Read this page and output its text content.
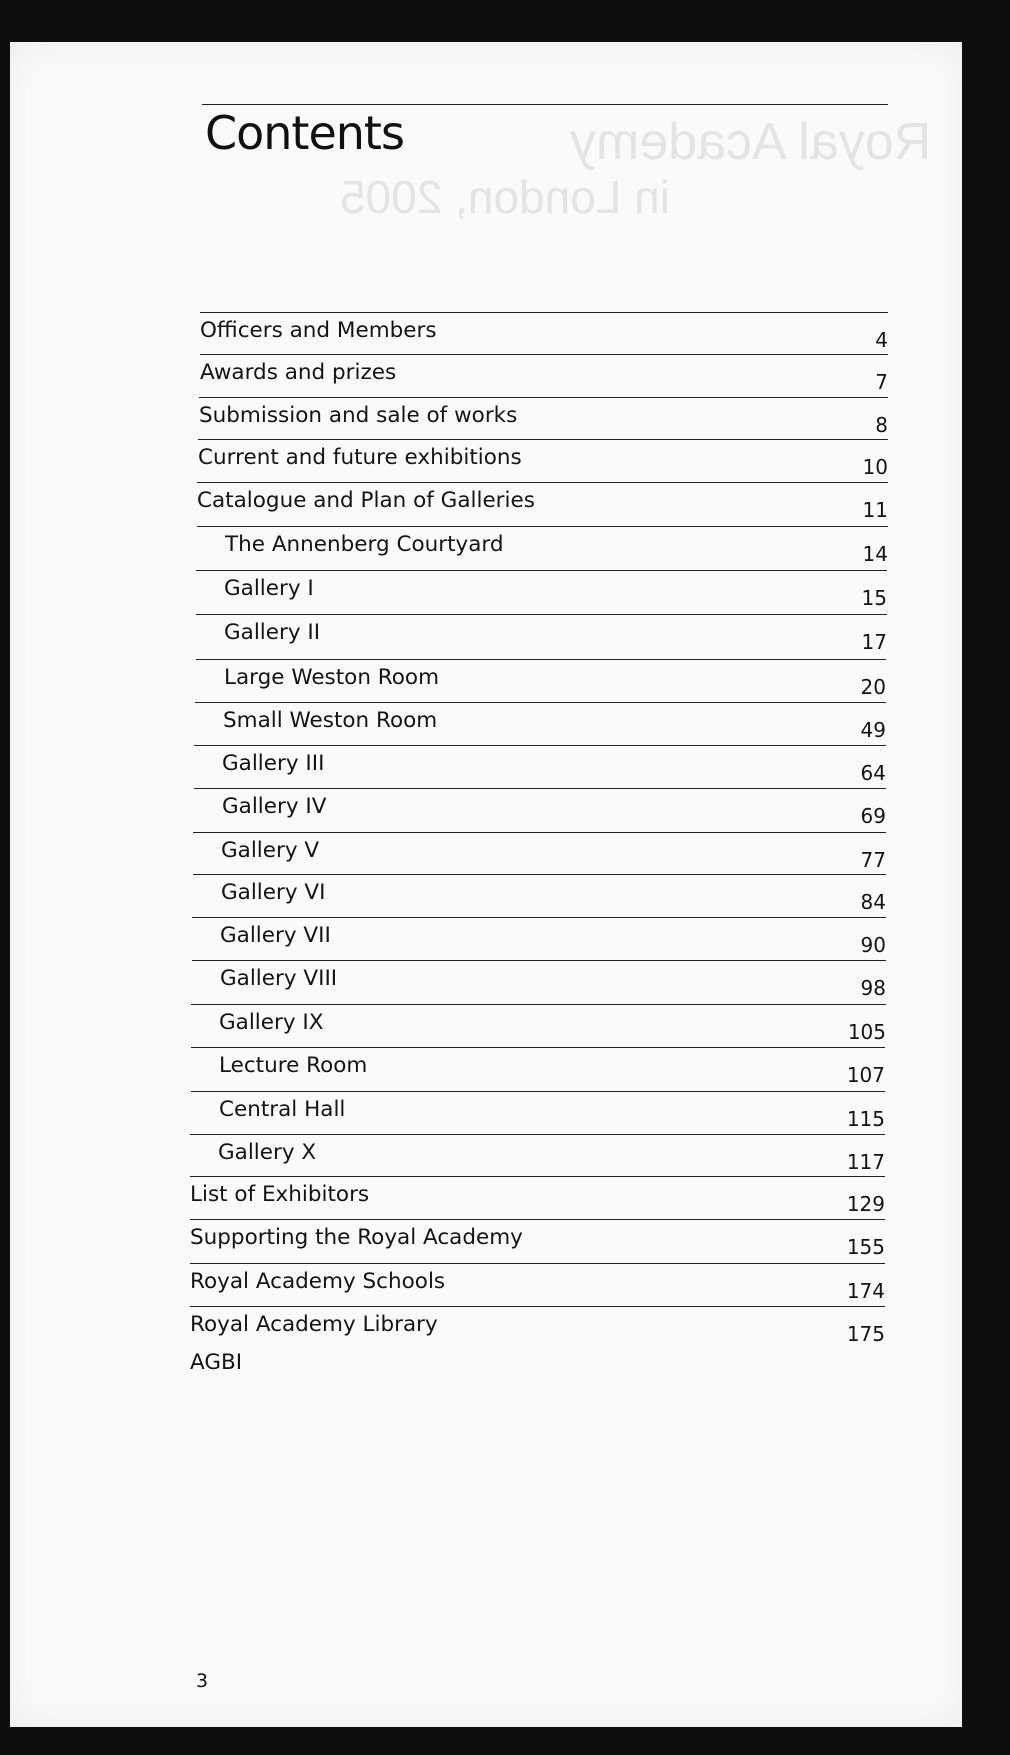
Royal Academy
in London, 2005
Contents
Officers and Members	4
Awards and prizes	7
Submission and sale of works	8
Current and future exhibitions	10
Catalogue and Plan of Galleries	11
The Annenberg Courtyard	14
Gallery I	15
Gallery II	17
Large Weston Room	20
Small Weston Room	49
Gallery III	64
Gallery IV	69
Gallery V	77
Gallery VI	84
Gallery VII	90
Gallery VIII	98
Gallery IX	105
Lecture Room	107
Central Hall	115
Gallery X	117
List of Exhibitors	129
Supporting the Royal Academy	155
Royal Academy Schools	174
Royal Academy Library	175
AGBI
3
